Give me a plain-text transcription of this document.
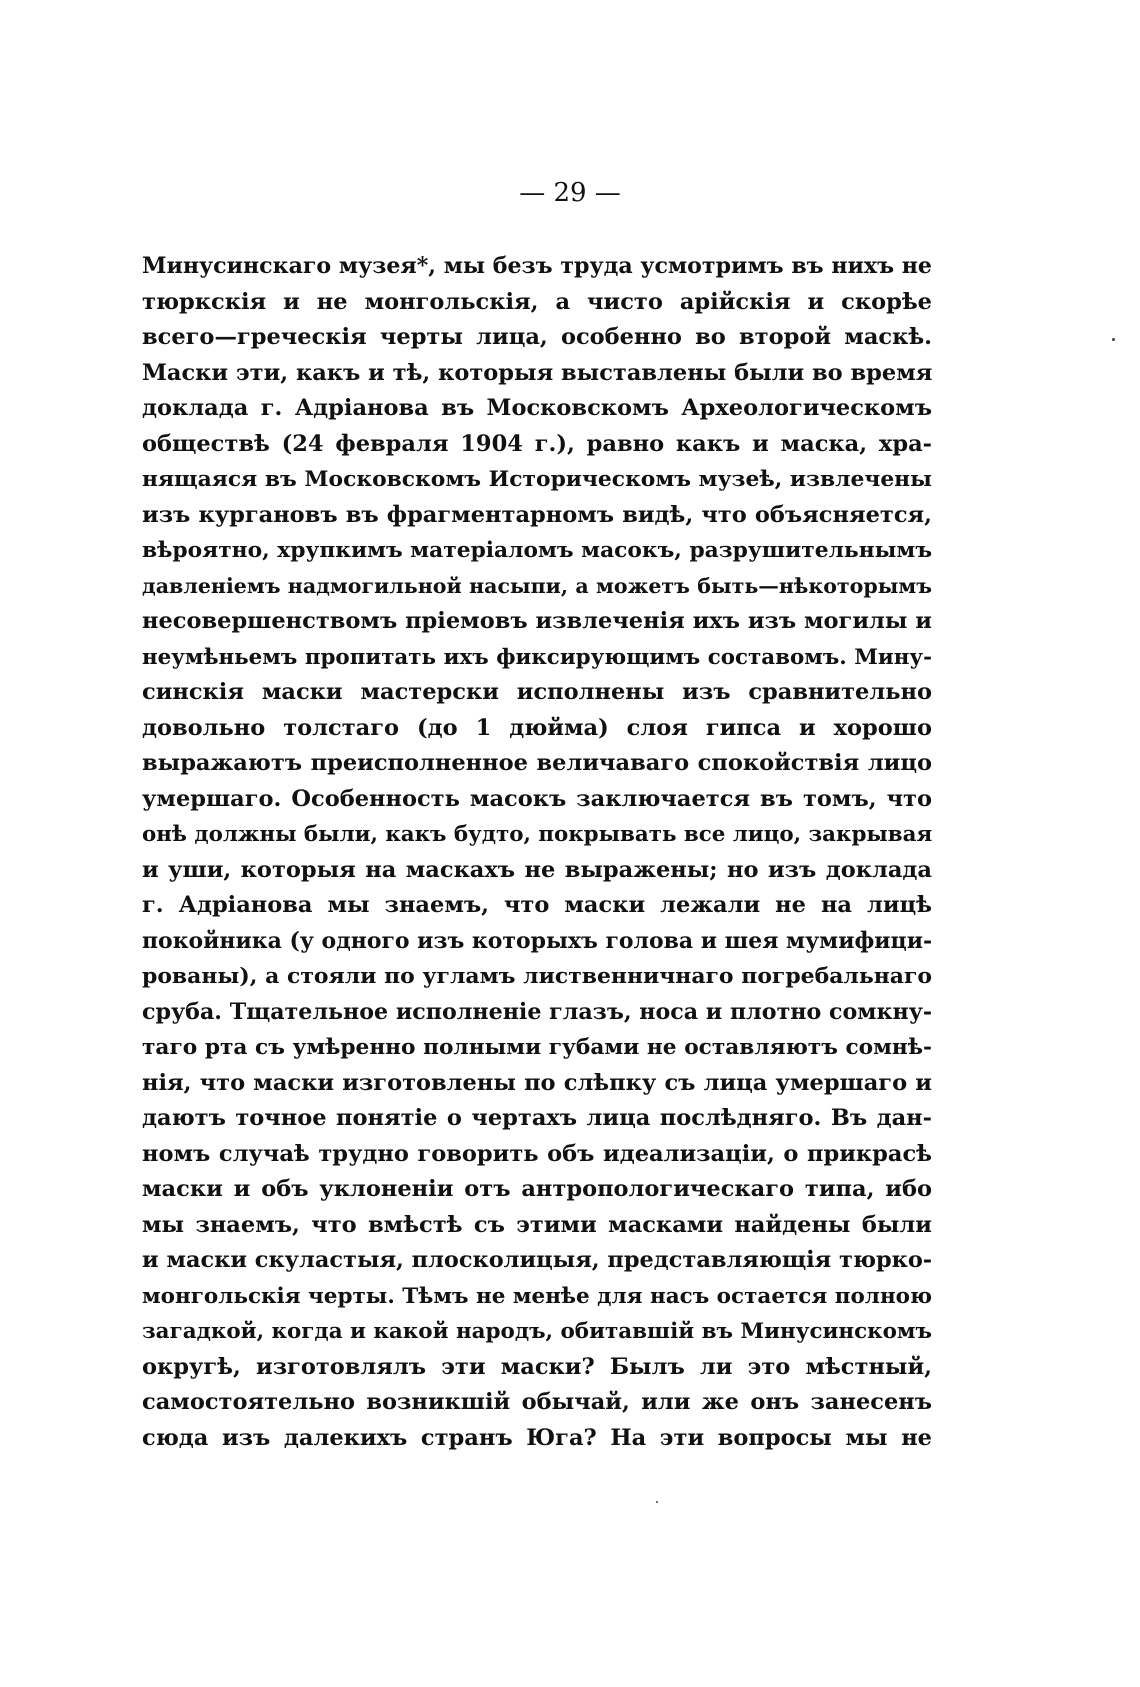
— 29 —
Минусинскаго музея*, мы безъ труда усмотримъ въ нихъ не
тюркскія и не монгольскія, а чисто арійскія и скорѣе
всего—греческія черты лица, особенно во второй маскѣ.
Маски эти, какъ и тѣ, которыя выставлены были во время
доклада г. Адріанова въ Московскомъ Археологическомъ
обществѣ (24 февраля 1904 г.), равно какъ и маска, хра-
нящаяся въ Московскомъ Историческомъ музеѣ, извлечены
изъ кургановъ въ фрагментарномъ видѣ, что объясняется,
вѣроятно, хрупкимъ матеріаломъ масокъ, разрушительнымъ
давленіемъ надмогильной насыпи, а можетъ быть—нѣкоторымъ
несовершенствомъ пріемовъ извлеченія ихъ изъ могилы и
неумѣньемъ пропитать ихъ фиксирующимъ составомъ. Мину-
синскія маски мастерски исполнены изъ сравнительно
довольно толстаго (до 1 дюйма) слоя гипса и хорошо
выражаютъ преисполненное величаваго спокойствія лицо
умершаго. Особенность масокъ заключается въ томъ, что
онѣ должны были, какъ будто, покрывать все лицо, закрывая
и уши, которыя на маскахъ не выражены; но изъ доклада
г. Адріанова мы знаемъ, что маски лежали не на лицѣ
покойника (у одного изъ которыхъ голова и шея мумифици-
рованы), а стояли по угламъ лиственничнаго погребальнаго
сруба. Тщательное исполненіе глазъ, носа и плотно сомкну-
таго рта съ умѣренно полными губами не оставляютъ сомнѣ-
нія, что маски изготовлены по слѣпку съ лица умершаго и
даютъ точное понятіе о чертахъ лица послѣдняго. Въ дан-
номъ случаѣ трудно говорить объ идеализаціи, о прикрасѣ
маски и объ уклоненіи отъ антропологическаго типа, ибо
мы знаемъ, что вмѣстѣ съ этими масками найдены были
и маски скуластыя, плосколицыя, представляющія тюрко-
монгольскія черты. Тѣмъ не менѣе для насъ остается полною
загадкой, когда и какой народъ, обитавшій въ Минусинскомъ
округѣ, изготовлялъ эти маски? Былъ ли это мѣстный,
самостоятельно возникшій обычай, или же онъ занесенъ
сюда изъ далекихъ странъ Юга? На эти вопросы мы не
